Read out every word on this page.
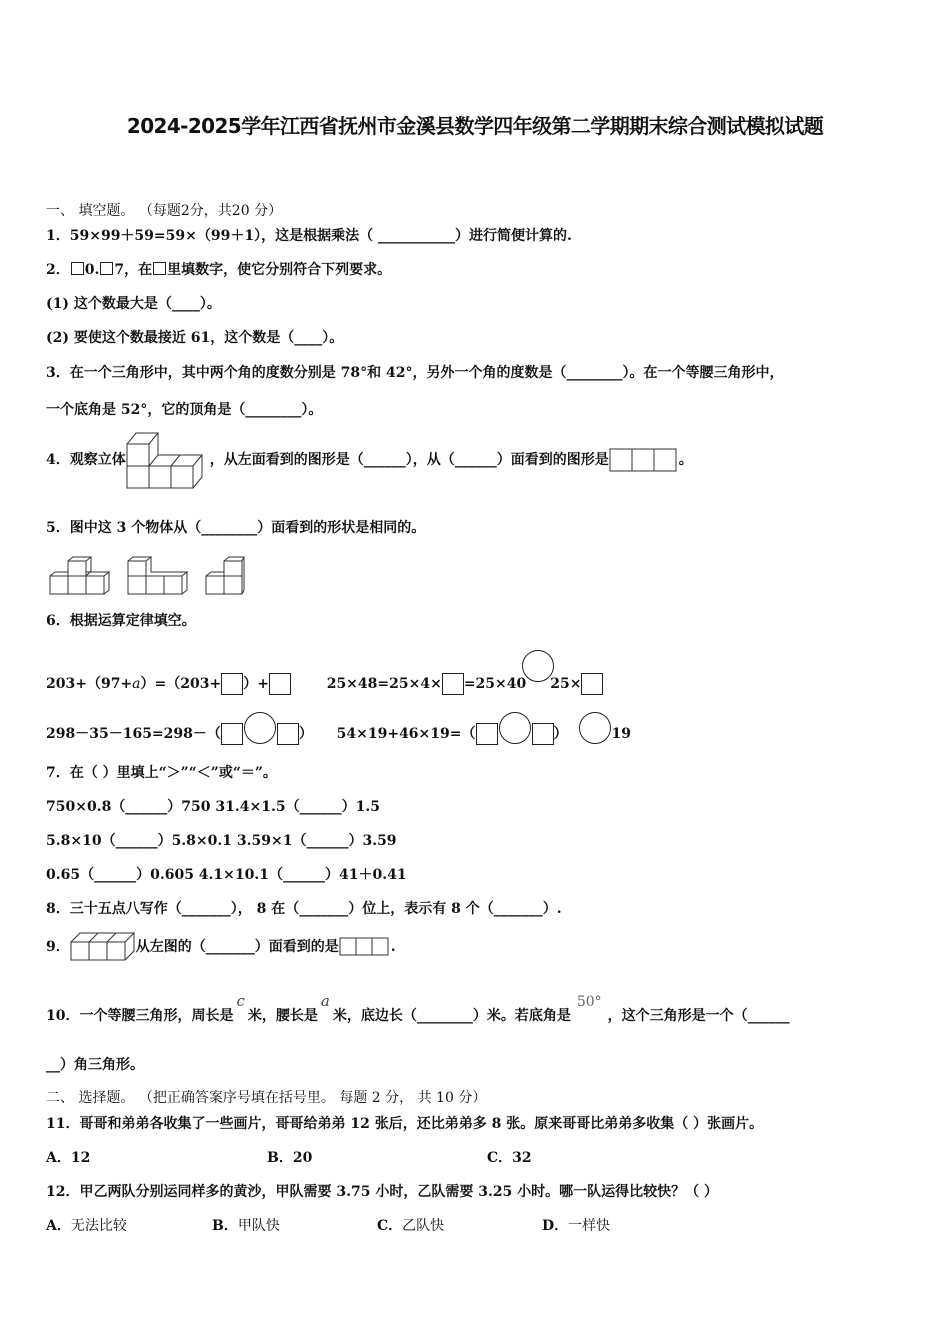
2024-2025学年江西省抚州市金溪县数学四年级第二学期期末综合测试模拟试题
一、 填空题。 （每题2分，共20 分）
1．59×99＋59=59×（99＋1），这是根据乘法（ ___________）进行简便计算的.
2． 0. 7，在 里填数字，使它分别符合下列要求。
(1) 这个数最大是（____）。
(2) 要使这个数最接近 61，这个数是（____）。
3．在一个三角形中，其中两个角的度数分别是 78°和 42°，另外一个角的度数是（________）。在一个等腰三角形中，
一个底角是 52°，它的顶角是（________）。
4．观察立体	，从左面看到的图形是（______），从（______）面看到的图形是	。
5．图中这 3 个物体从（________）面看到的形状是相同的。
6．根据运算定律填空。
203+（97+a）=（203+ ）+	25×48=25×4× =25×40 25×
298－35－165=298－（	） 54×19+46×19=（	）	19
7．在（ ）里填上“＞”“＜”或“＝”。
750×0.8（______）750 31.4×1.5（______）1.5
5.8×10（______）5.8×0.1 3.59×1（______）3.59
0.65（______）0.605 4.1×10.1（______）41＋0.41
8．三十五点八写作（_______）， 8 在（_______）位上，表示有 8 个（_______）.
9．	从左图的（_______）面看到的是	.
10．一个等腰三角形，周长是c米，腰长是a米，底边长（________）米。若底角是50°，这个三角形是一个（______
__）角三角形。
二、 选择题。 （把正确答案序号填在括号里。 每题 2 分， 共 10 分）
11．哥哥和弟弟各收集了一些画片，哥哥给弟弟 12 张后，还比弟弟多 8 张。原来哥哥比弟弟多收集（ ）张画片。
A．12	B．20	C．32
12．甲乙两队分别运同样多的黄沙，甲队需要 3.75 小时，乙队需要 3.25 小时。哪一队运得比较快？（ ）
A．无法比较	B．甲队快	C．乙队快	D．一样快
